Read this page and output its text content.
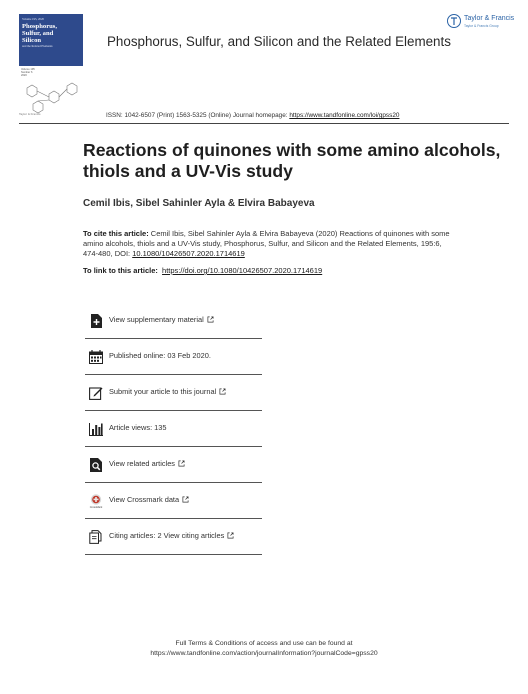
Volume 195, 2020
Phosphorus,
Sulfur, and
Silicon
and the Related Elements
Volume 195
Number 6
2020
Taylor & Francis
Phosphorus, Sulfur, and Silicon and the Related Elements
Taylor & Francis
Taylor & Francis Group
ISSN: 1042-6507 (Print) 1563-5325 (Online) Journal homepage: https://www.tandfonline.com/loi/gpss20
Reactions of quinones with some amino alcohols, thiols and a UV-Vis study
Cemil Ibis, Sibel Sahinler Ayla & Elvira Babayeva
To cite this article: Cemil Ibis, Sibel Sahinler Ayla & Elvira Babayeva (2020) Reactions of quinones with some amino alcohols, thiols and a UV-Vis study, Phosphorus, Sulfur, and Silicon and the Related Elements, 195:6, 474-480, DOI: 10.1080/10426507.2020.1714619
To link to this article: https://doi.org/10.1080/10426507.2020.1714619
View supplementary material
Published online: 03 Feb 2020.
Submit your article to this journal
Article views: 135
View related articles
CrossMark
View Crossmark data
Citing articles: 2 View citing articles
Full Terms & Conditions of access and use can be found at
https://www.tandfonline.com/action/journalInformation?journalCode=gpss20
